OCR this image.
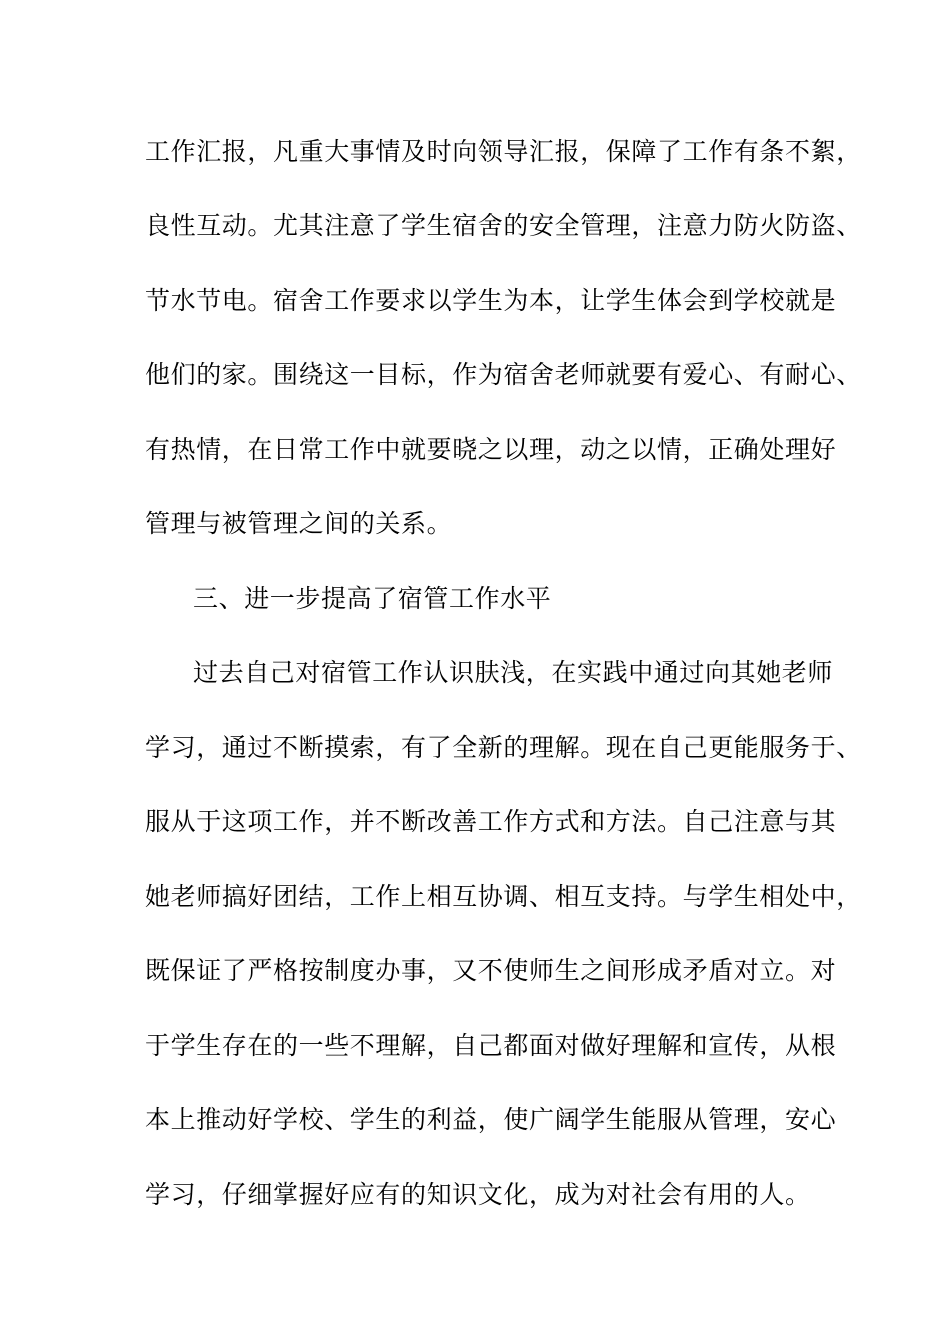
工作汇报，凡重大事情及时向领导汇报，保障了工作有条不絮，
良性互动。尤其注意了学生宿舍的安全管理，注意力防火防盗、
节水节电。宿舍工作要求以学生为本，让学生体会到学校就是
他们的家。围绕这一目标，作为宿舍老师就要有爱心、有耐心、
有热情，在日常工作中就要晓之以理，动之以情，正确处理好
管理与被管理之间的关系。
三、进一步提高了宿管工作水平
过去自己对宿管工作认识肤浅，在实践中通过向其她老师
学习，通过不断摸索，有了全新的理解。现在自己更能服务于、
服从于这项工作，并不断改善工作方式和方法。自己注意与其
她老师搞好团结，工作上相互协调、相互支持。与学生相处中，
既保证了严格按制度办事，又不使师生之间形成矛盾对立。对
于学生存在的一些不理解，自己都面对做好理解和宣传，从根
本上推动好学校、学生的利益，使广阔学生能服从管理，安心
学习，仔细掌握好应有的知识文化，成为对社会有用的人。
